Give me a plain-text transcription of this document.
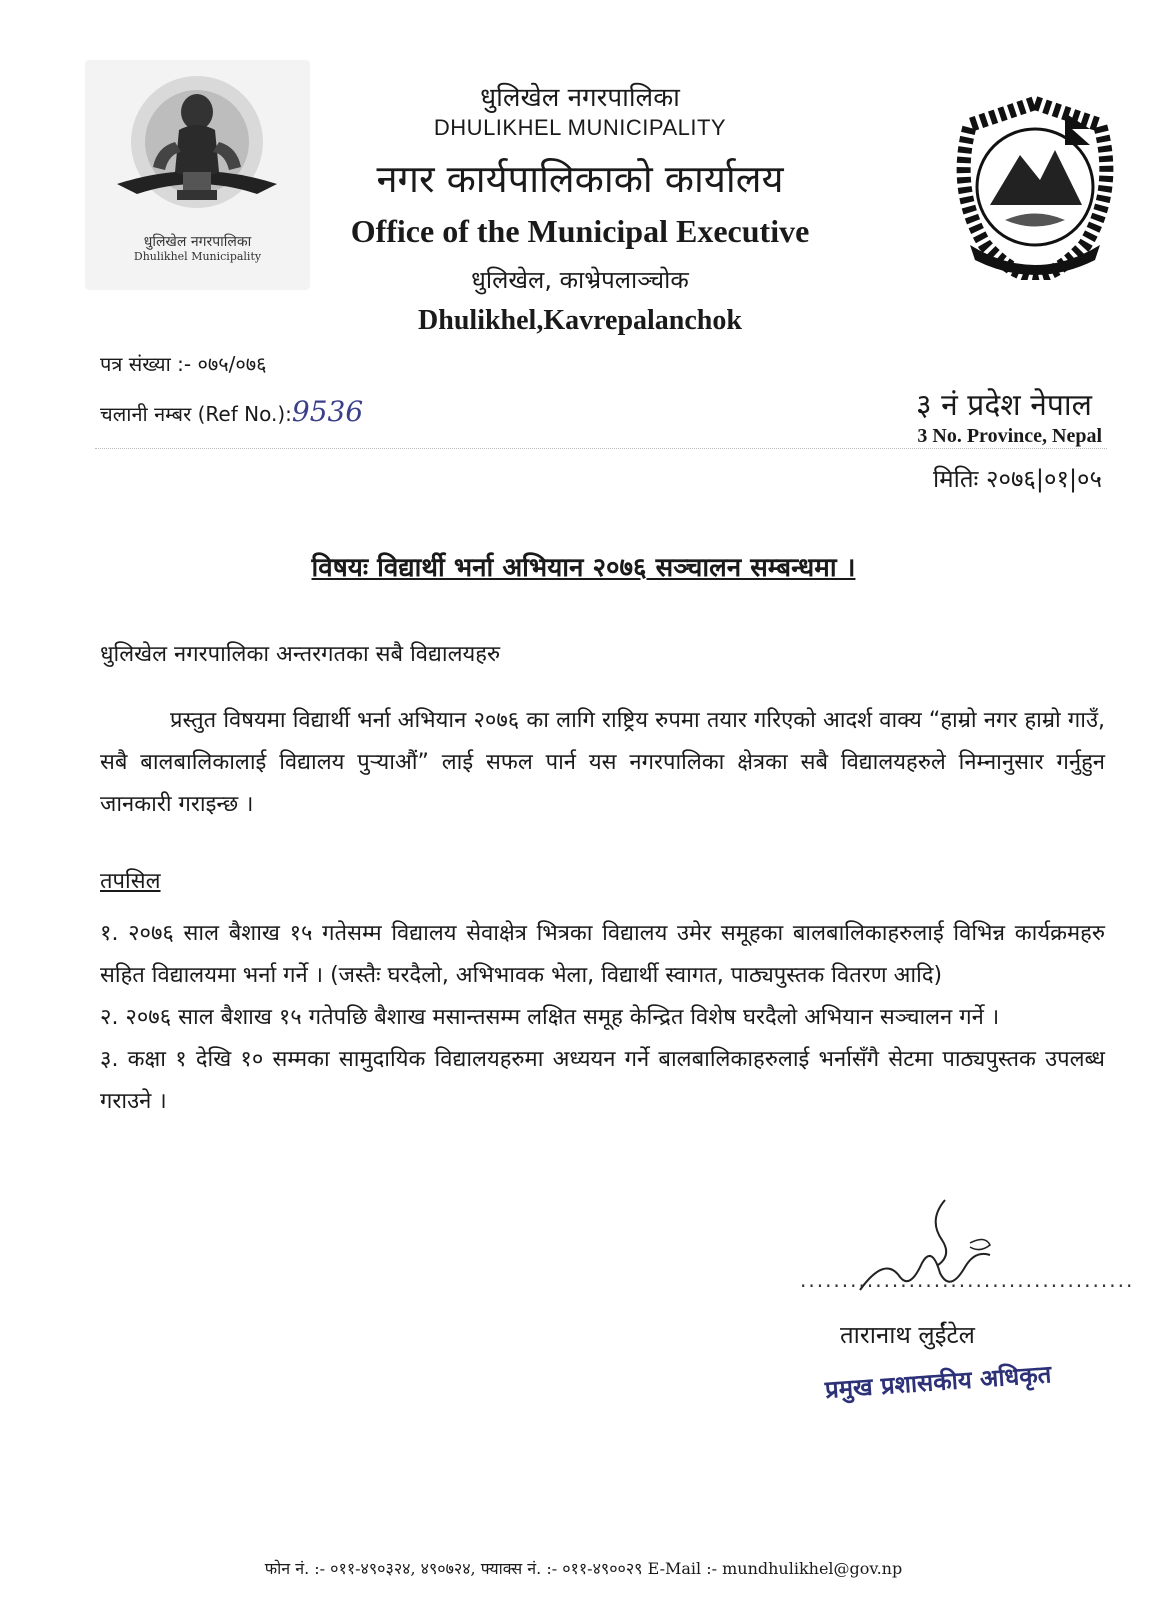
धुलिखेल नगरपालिका
Dhulikhel Municipality
धुलिखेल नगरपालिका
DHULIKHEL MUNICIPALITY
नगर कार्यपालिकाको कार्यालय
Office of the Municipal Executive
धुलिखेल, काभ्रेपलाञ्चोक
Dhulikhel,Kavrepalanchok
पत्र संख्या :- ०७५/०७६
चलानी नम्बर (Ref No.):9536	३ नं प्रदेश नेपाल
3 No. Province, Nepal
मितिः २०७६|०१|०५
विषयः विद्यार्थी भर्ना अभियान २०७६ सञ्चालन सम्बन्धमा ।
धुलिखेल नगरपालिका अन्तरगतका सबै विद्यालयहरु
प्रस्तुत विषयमा विद्यार्थी भर्ना अभियान २०७६ का लागि राष्ट्रिय रुपमा तयार गरिएको आदर्श वाक्य “हाम्रो नगर हाम्रो गाउँ, सबै बालबालिकालाई विद्यालय पुर्‍याऔं” लाई सफल पार्न यस नगरपालिका क्षेत्रका सबै विद्यालयहरुले निम्नानुसार गर्नुहुन जानकारी गराइन्छ ।
तपसिल
१. २०७६ साल बैशाख १५ गतेसम्म विद्यालय सेवाक्षेत्र भित्रका विद्यालय उमेर समूहका बालबालिकाहरुलाई विभिन्न कार्यक्रमहरु सहित विद्यालयमा भर्ना गर्ने । (जस्तैः घरदैलो, अभिभावक भेला, विद्यार्थी स्वागत, पाठ्यपुस्तक वितरण आदि)
२. २०७६ साल बैशाख १५ गतेपछि बैशाख मसान्तसम्म लक्षित समूह केन्द्रित विशेष घरदैलो अभियान सञ्चालन गर्ने ।
३. कक्षा १ देखि १० सम्मका सामुदायिक विद्यालयहरुमा अध्ययन गर्ने बालबालिकाहरुलाई भर्नासँगै सेटमा पाठ्यपुस्तक उपलब्ध गराउने ।
........................................
तारानाथ लुईंटेल
प्रमुख प्रशासकीय अधिकृत
फोन नं. :- ०११-४९०३२४, ४९०७२४, फ्याक्स नं. :- ०११-४९००२९ E-Mail :- mundhulikhel@gov.np
